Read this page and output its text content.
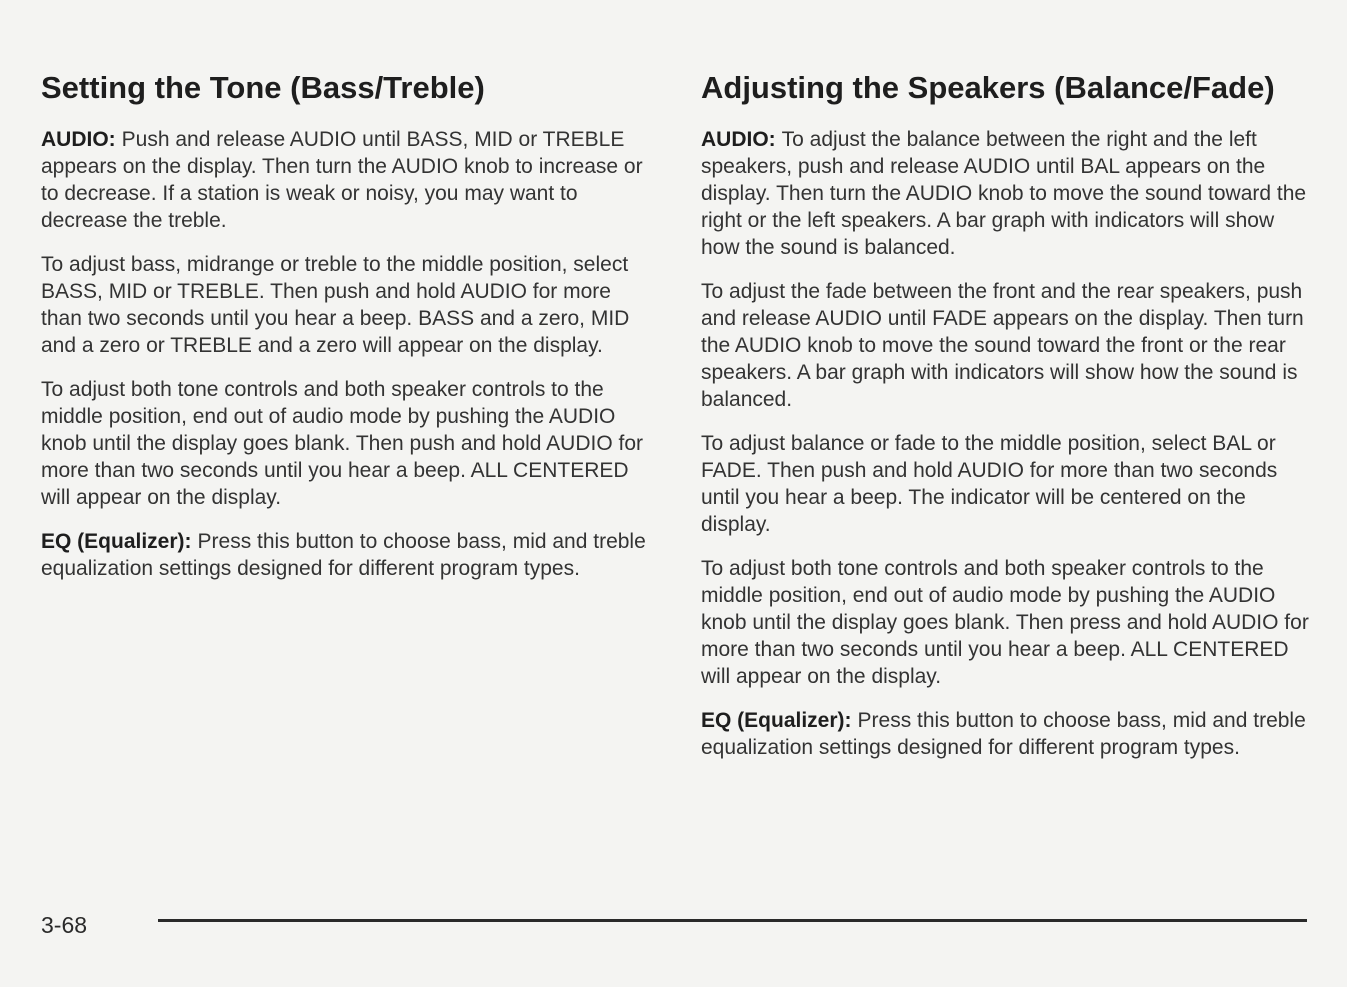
Setting the Tone (Bass/Treble)

AUDIO: Push and release AUDIO until BASS, MID or TREBLE appears on the display. Then turn the AUDIO knob to increase or to decrease. If a station is weak or noisy, you may want to decrease the treble.

To adjust bass, midrange or treble to the middle position, select BASS, MID or TREBLE. Then push and hold AUDIO for more than two seconds until you hear a beep. BASS and a zero, MID and a zero or TREBLE and a zero will appear on the display.

To adjust both tone controls and both speaker controls to the middle position, end out of audio mode by pushing the AUDIO knob until the display goes blank. Then push and hold AUDIO for more than two seconds until you hear a beep. ALL CENTERED will appear on the display.

EQ (Equalizer): Press this button to choose bass, mid and treble equalization settings designed for different program types.

Adjusting the Speakers (Balance/Fade)

AUDIO: To adjust the balance between the right and the left speakers, push and release AUDIO until BAL appears on the display. Then turn the AUDIO knob to move the sound toward the right or the left speakers. A bar graph with indicators will show how the sound is balanced.

To adjust the fade between the front and the rear speakers, push and release AUDIO until FADE appears on the display. Then turn the AUDIO knob to move the sound toward the front or the rear speakers. A bar graph with indicators will show how the sound is balanced.

To adjust balance or fade to the middle position, select BAL or FADE. Then push and hold AUDIO for more than two seconds until you hear a beep. The indicator will be centered on the display.

To adjust both tone controls and both speaker controls to the middle position, end out of audio mode by pushing the AUDIO knob until the display goes blank. Then press and hold AUDIO for more than two seconds until you hear a beep. ALL CENTERED will appear on the display.

EQ (Equalizer): Press this button to choose bass, mid and treble equalization settings designed for different program types.

3-68
